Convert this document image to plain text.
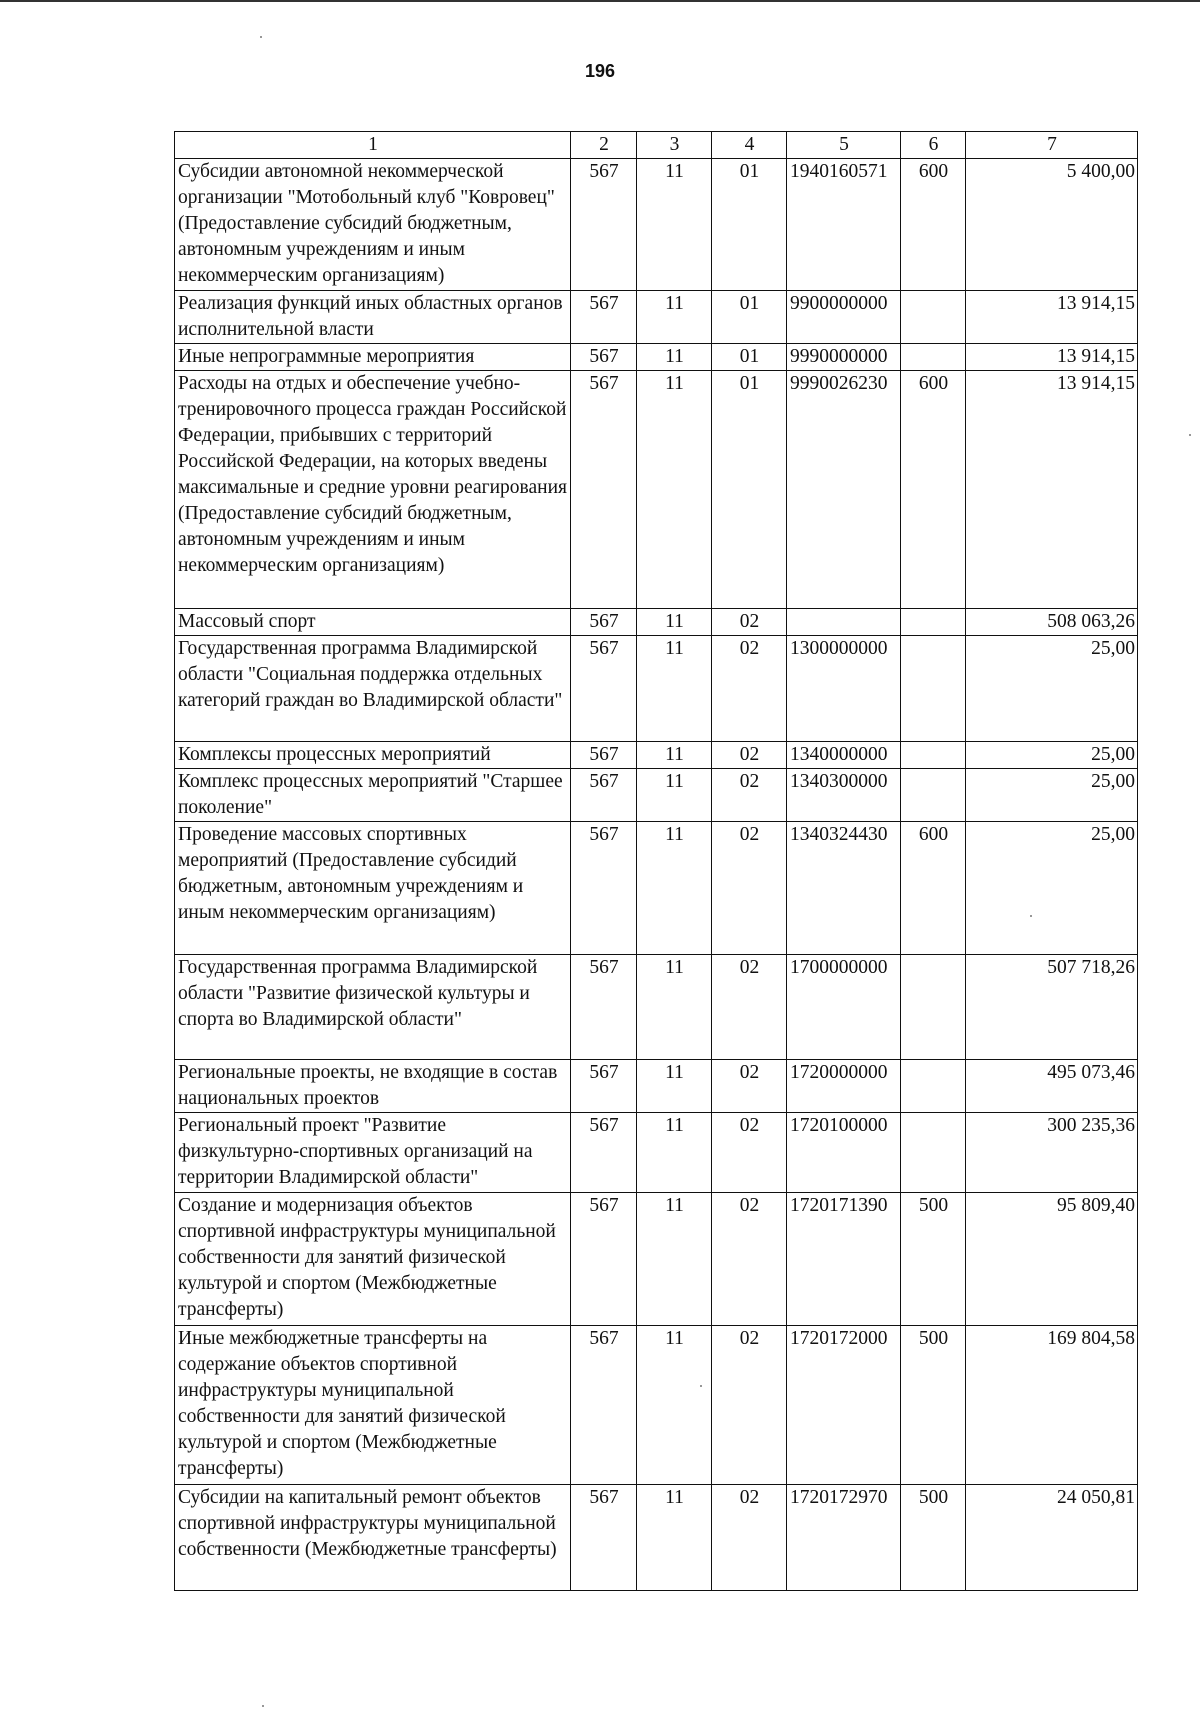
196
1	2	3	4	5	6	7
Субсидии автономной некоммерческой организации "Мотобольный клуб "Ковровец" (Предоставление субсидий бюджетным, автономным учреждениям и иным некоммерческим организациям)	567	11	01	1940160571	600	5 400,00
Реализация функций иных областных органов исполнительной власти	567	11	01	9900000000		13 914,15
Иные непрограммные мероприятия	567	11	01	9990000000		13 914,15
Расходы на отдых и обеспечение учебно-тренировочного процесса граждан Российской Федерации, прибывших с территорий Российской Федерации, на которых введены максимальные и средние уровни реагирования (Предоставление субсидий бюджетным, автономным учреждениям и иным некоммерческим организациям)	567	11	01	9990026230	600	13 914,15
Массовый спорт	567	11	02			508 063,26
Государственная программа Владимирской области "Социальная поддержка отдельных категорий граждан во Владимирской области"	567	11	02	1300000000		25,00
Комплексы процессных мероприятий	567	11	02	1340000000		25,00
Комплекс процессных мероприятий "Старшее поколение"	567	11	02	1340300000		25,00
Проведение массовых спортивных мероприятий (Предоставление субсидий бюджетным, автономным учреждениям и иным некоммерческим организациям)	567	11	02	1340324430	600	25,00
Государственная программа Владимирской области "Развитие физической культуры и спорта во Владимирской области"	567	11	02	1700000000		507 718,26
Региональные проекты, не входящие в состав национальных проектов	567	11	02	1720000000		495 073,46
Региональный проект "Развитие физкультурно-спортивных организаций на территории Владимирской области"	567	11	02	1720100000		300 235,36
Создание и модернизация объектов спортивной инфраструктуры муниципальной собственности для занятий физической культурой и спортом (Межбюджетные трансферты)	567	11	02	1720171390	500	95 809,40
Иные межбюджетные трансферты на содержание объектов спортивной инфраструктуры муниципальной собственности для занятий физической культурой и спортом (Межбюджетные трансферты)	567	11	02	1720172000	500	169 804,58
Субсидии на капитальный ремонт объектов спортивной инфраструктуры муниципальной собственности (Межбюджетные трансферты)	567	11	02	1720172970	500	24 050,81
